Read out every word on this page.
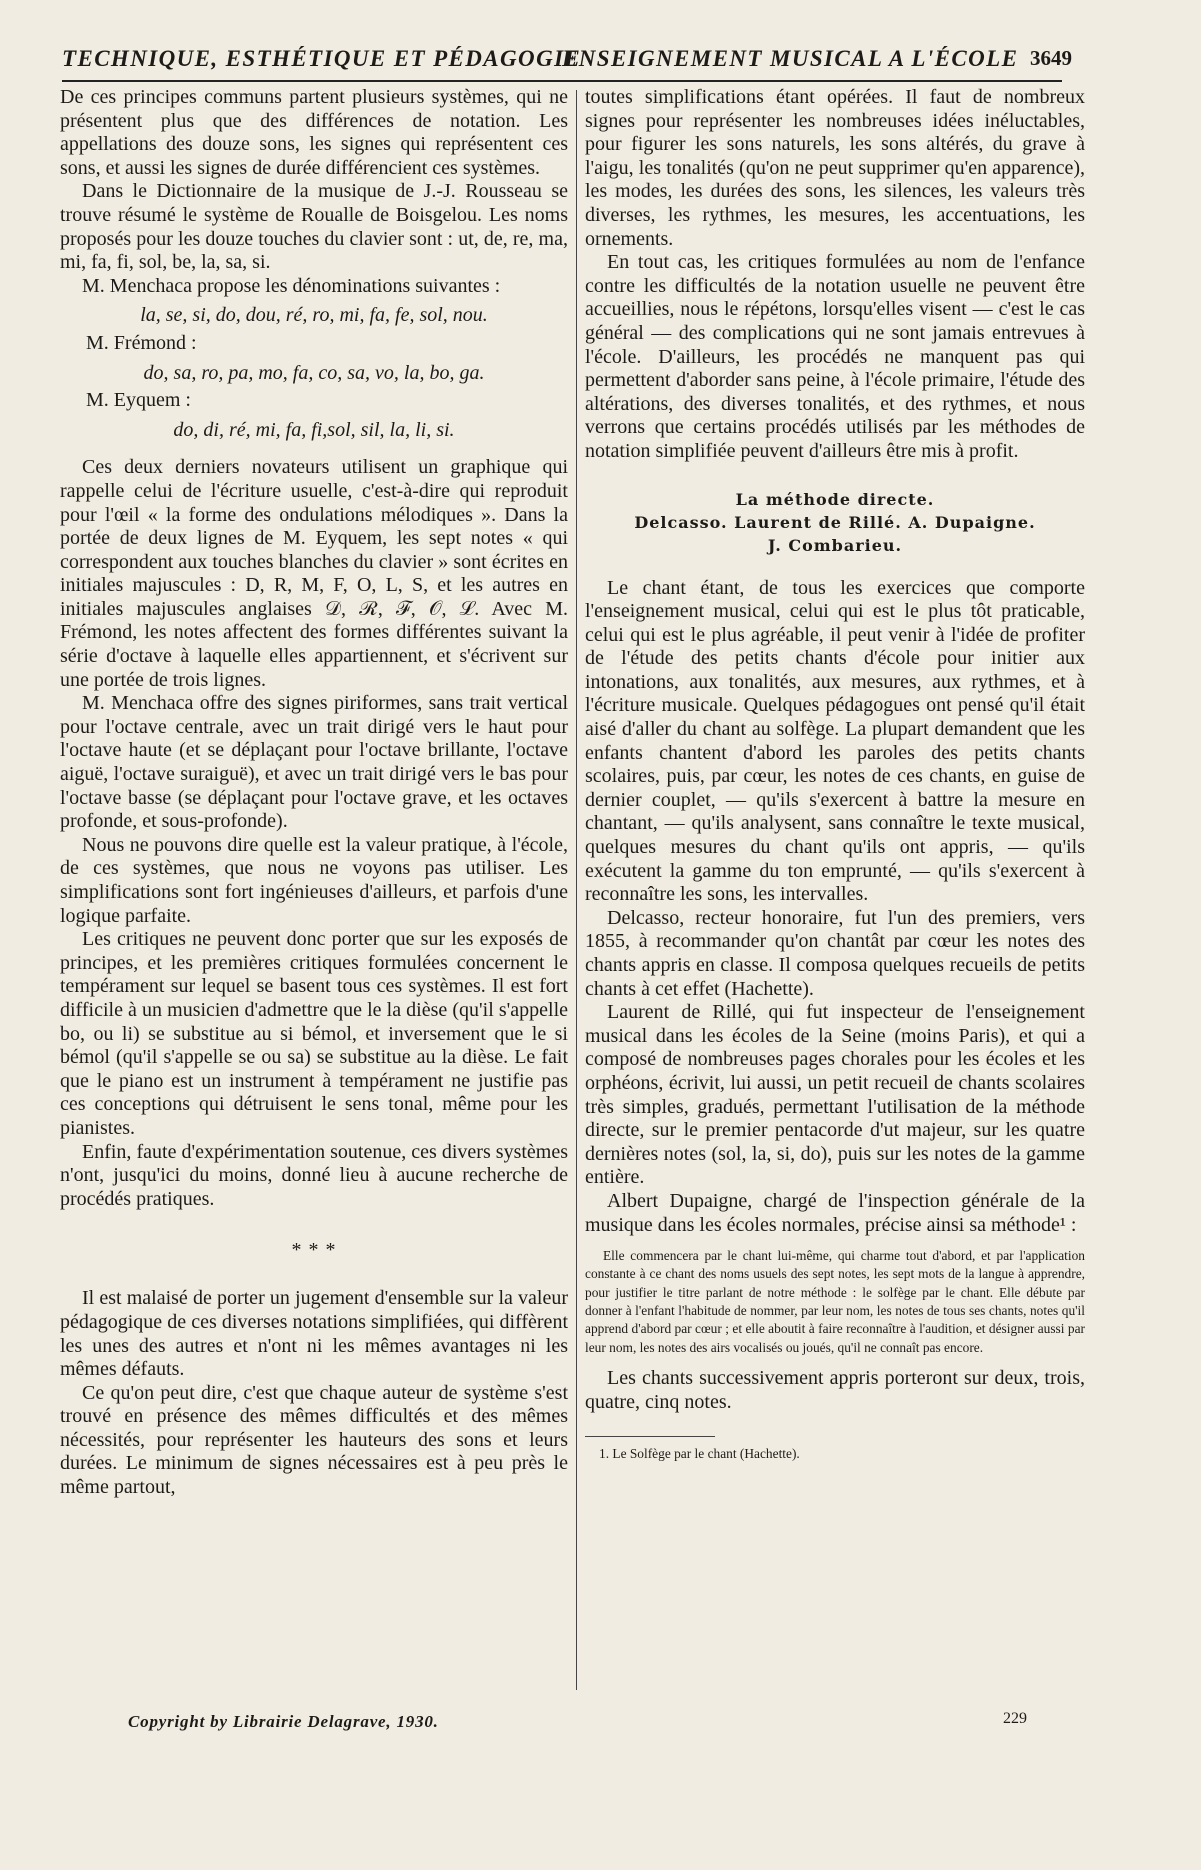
TECHNIQUE, ESTHÉTIQUE ET PÉDAGOGIE
ENSEIGNEMENT MUSICAL A L'ÉCOLE 3649

De ces principes communs partent plusieurs systèmes, qui ne présentent plus que des différences de notation. Les appellations des douze sons, les signes qui représentent ces sons, et aussi les signes de durée différencient ces systèmes.

Dans le Dictionnaire de la musique de J.-J. Rousseau se trouve résumé le système de Roualle de Boisgelou. Les noms proposés pour les douze touches du clavier sont : ut, de, re, ma, mi, fa, fi, sol, be, la, sa, si.

M. Menchaca propose les dénominations suivantes :

la, se, si, do, dou, ré, ro, mi, fa, fe, sol, nou.

M. Frémond :

do, sa, ro, pa, mo, fa, co, sa, vo, la, bo, ga.

M. Eyquem :

do, di, ré, mi, fa, fi,sol, sil, la, li, si.

Ces deux derniers novateurs utilisent un graphique qui rappelle celui de l'écriture usuelle, c'est-à-dire qui reproduit pour l'œil « la forme des ondulations mélodiques ». Dans la portée de deux lignes de M. Eyquem, les sept notes « qui correspondent aux touches blanches du clavier » sont écrites en initiales majuscules : D, R, M, F, O, L, S, et les autres en initiales majuscules anglaises 𝒟, ℛ, ℱ, 𝒪, ℒ. Avec M. Frémond, les notes affectent des formes différentes suivant la série d'octave à laquelle elles appartiennent, et s'écrivent sur une portée de trois lignes.

M. Menchaca offre des signes piriformes, sans trait vertical pour l'octave centrale, avec un trait dirigé vers le haut pour l'octave haute (et se déplaçant pour l'octave brillante, l'octave aiguë, l'octave suraiguë), et avec un trait dirigé vers le bas pour l'octave basse (se déplaçant pour l'octave grave, et les octaves profonde, et sous-profonde).

Nous ne pouvons dire quelle est la valeur pratique, à l'école, de ces systèmes, que nous ne voyons pas utiliser. Les simplifications sont fort ingénieuses d'ailleurs, et parfois d'une logique parfaite.

Les critiques ne peuvent donc porter que sur les exposés de principes, et les premières critiques formulées concernent le tempérament sur lequel se basent tous ces systèmes. Il est fort difficile à un musicien d'admettre que le la dièse (qu'il s'appelle bo, ou li) se substitue au si bémol, et inversement que le si bémol (qu'il s'appelle se ou sa) se substitue au la dièse. Le fait que le piano est un instrument à tempérament ne justifie pas ces conceptions qui détruisent le sens tonal, même pour les pianistes.

Enfin, faute d'expérimentation soutenue, ces divers systèmes n'ont, jusqu'ici du moins, donné lieu à aucune recherche de procédés pratiques.

* * *

Il est malaisé de porter un jugement d'ensemble sur la valeur pédagogique de ces diverses notations simplifiées, qui diffèrent les unes des autres et n'ont ni les mêmes avantages ni les mêmes défauts.

Ce qu'on peut dire, c'est que chaque auteur de système s'est trouvé en présence des mêmes difficultés et des mêmes nécessités, pour représenter les hauteurs des sons et leurs durées. Le minimum de signes nécessaires est à peu près le même partout,

toutes simplifications étant opérées. Il faut de nombreux signes pour représenter les nombreuses idées inéluctables, pour figurer les sons naturels, les sons altérés, du grave à l'aigu, les tonalités (qu'on ne peut supprimer qu'en apparence), les modes, les durées des sons, les silences, les valeurs très diverses, les rythmes, les mesures, les accentuations, les ornements.

En tout cas, les critiques formulées au nom de l'enfance contre les difficultés de la notation usuelle ne peuvent être accueillies, nous le répétons, lorsqu'elles visent — c'est le cas général — des complications qui ne sont jamais entrevues à l'école. D'ailleurs, les procédés ne manquent pas qui permettent d'aborder sans peine, à l'école primaire, l'étude des altérations, des diverses tonalités, et des rythmes, et nous verrons que certains procédés utilisés par les méthodes de notation simplifiée peuvent d'ailleurs être mis à profit.

La méthode directe.
Delcasso. Laurent de Rillé. A. Dupaigne.
J. Combarieu.

Le chant étant, de tous les exercices que comporte l'enseignement musical, celui qui est le plus tôt praticable, celui qui est le plus agréable, il peut venir à l'idée de profiter de l'étude des petits chants d'école pour initier aux intonations, aux tonalités, aux mesures, aux rythmes, et à l'écriture musicale. Quelques pédagogues ont pensé qu'il était aisé d'aller du chant au solfège. La plupart demandent que les enfants chantent d'abord les paroles des petits chants scolaires, puis, par cœur, les notes de ces chants, en guise de dernier couplet, — qu'ils s'exercent à battre la mesure en chantant, — qu'ils analysent, sans connaître le texte musical, quelques mesures du chant qu'ils ont appris, — qu'ils exécutent la gamme du ton emprunté, — qu'ils s'exercent à reconnaître les sons, les intervalles.

Delcasso, recteur honoraire, fut l'un des premiers, vers 1855, à recommander qu'on chantât par cœur les notes des chants appris en classe. Il composa quelques recueils de petits chants à cet effet (Hachette).

Laurent de Rillé, qui fut inspecteur de l'enseignement musical dans les écoles de la Seine (moins Paris), et qui a composé de nombreuses pages chorales pour les écoles et les orphéons, écrivit, lui aussi, un petit recueil de chants scolaires très simples, gradués, permettant l'utilisation de la méthode directe, sur le premier pentacorde d'ut majeur, sur les quatre dernières notes (sol, la, si, do), puis sur les notes de la gamme entière.

Albert Dupaigne, chargé de l'inspection générale de la musique dans les écoles normales, précise ainsi sa méthode¹ :

Elle commencera par le chant lui-même, qui charme tout d'abord, et par l'application constante à ce chant des noms usuels des sept notes, les sept mots de la langue à apprendre, pour justifier le titre parlant de notre méthode : le solfège par le chant. Elle débute par donner à l'enfant l'habitude de nommer, par leur nom, les notes de tous ses chants, notes qu'il apprend d'abord par cœur ; et elle aboutit à faire reconnaître à l'audition, et désigner aussi par leur nom, les notes des airs vocalisés ou joués, qu'il ne connaît pas encore.

Les chants successivement appris porteront sur deux, trois, quatre, cinq notes.

1. Le Solfège par le chant (Hachette).

Copyright by Librairie Delagrave, 1930.	229
